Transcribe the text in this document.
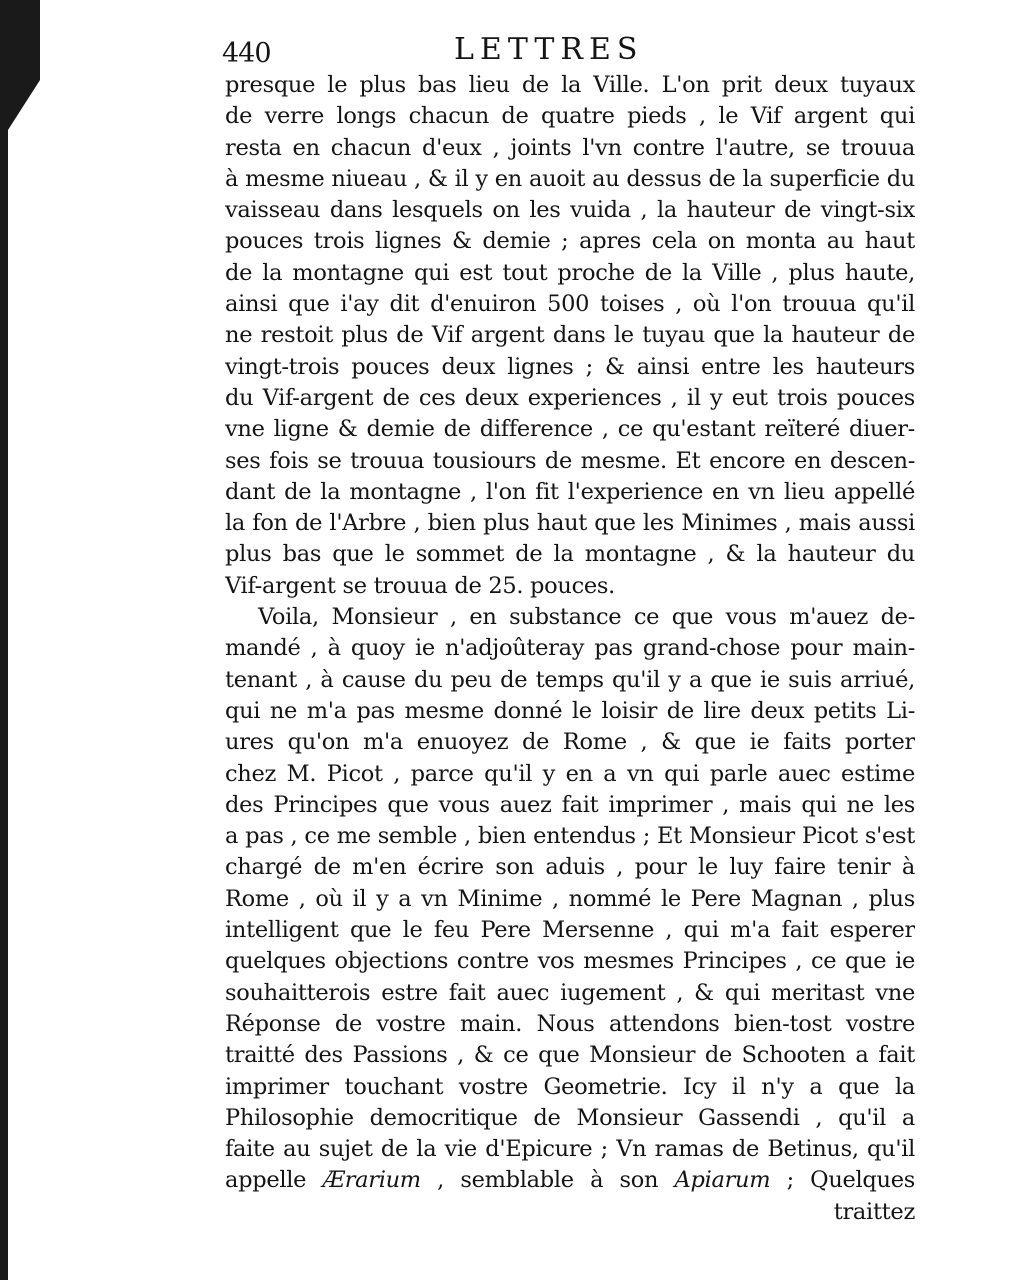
440	LETTRES
presque le plus bas lieu de la Ville. L'on prit deux tuyaux
de verre longs chacun de quatre pieds , le Vif argent qui
resta en chacun d'eux , joints l'vn contre l'autre, se trouua
à mesme niueau , & il y en auoit au dessus de la superficie du
vaisseau dans lesquels on les vuida , la hauteur de vingt-six
pouces trois lignes & demie ; apres cela on monta au haut
de la montagne qui est tout proche de la Ville , plus haute,
ainsi que i'ay dit d'enuiron 500 toises , où l'on trouua qu'il
ne restoit plus de Vif argent dans le tuyau que la hauteur de
vingt-trois pouces deux lignes ; & ainsi entre les hauteurs
du Vif-argent de ces deux experiences , il y eut trois pouces
vne ligne & demie de difference , ce qu'estant reïteré diuer-
ses fois se trouua tousiours de mesme. Et encore en descen-
dant de la montagne , l'on fit l'experience en vn lieu appellé
la fon de l'Arbre , bien plus haut que les Minimes , mais aussi
plus bas que le sommet de la montagne , & la hauteur du
Vif-argent se trouua de 25. pouces.
Voila, Monsieur , en substance ce que vous m'auez de-
mandé , à quoy ie n'adjoûteray pas grand-chose pour main-
tenant , à cause du peu de temps qu'il y a que ie suis arriué,
qui ne m'a pas mesme donné le loisir de lire deux petits Li-
ures qu'on m'a enuoyez de Rome , & que ie faits porter
chez M. Picot , parce qu'il y en a vn qui parle auec estime
des Principes que vous auez fait imprimer , mais qui ne les
a pas , ce me semble , bien entendus ; Et Monsieur Picot s'est
chargé de m'en écrire son aduis , pour le luy faire tenir à
Rome , où il y a vn Minime , nommé le Pere Magnan , plus
intelligent que le feu Pere Mersenne , qui m'a fait esperer
quelques objections contre vos mesmes Principes , ce que ie
souhaitterois estre fait auec iugement , & qui meritast vne
Réponse de vostre main. Nous attendons bien-tost vostre
traitté des Passions , & ce que Monsieur de Schooten a fait
imprimer touchant vostre Geometrie. Icy il n'y a que la
Philosophie democritique de Monsieur Gassendi , qu'il a
faite au sujet de la vie d'Epicure ; Vn ramas de Betinus, qu'il
appelle Ærarium , semblable à son Apiarum ; Quelques
traittez
